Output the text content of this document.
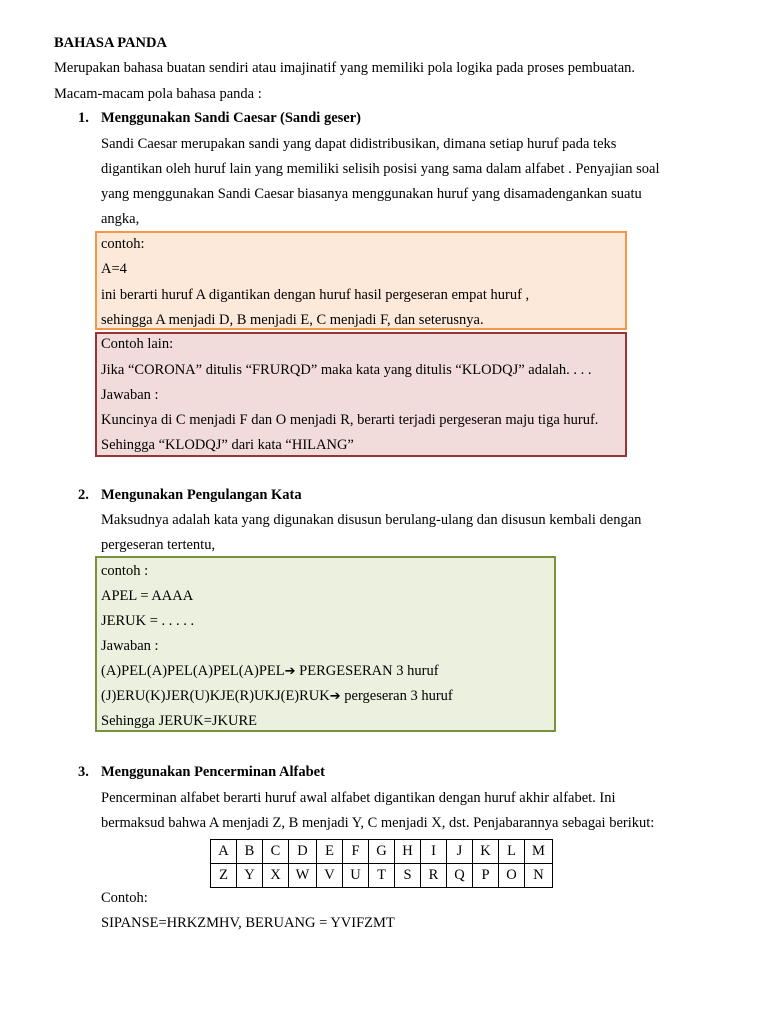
BAHASA PANDA
Merupakan bahasa buatan sendiri atau imajinatif yang memiliki pola logika pada proses pembuatan.
Macam-macam pola bahasa panda :
1. Menggunakan Sandi Caesar (Sandi geser)
Sandi Caesar merupakan sandi yang dapat didistribusikan, dimana setiap huruf pada teks
digantikan oleh huruf lain yang memiliki selisih posisi yang sama dalam alfabet . Penyajian soal
yang menggunakan Sandi Caesar biasanya menggunakan huruf yang disamadengankan suatu
angka,
contoh:
A=4
ini berarti huruf A digantikan dengan huruf hasil pergeseran empat huruf ,
sehingga A menjadi D, B menjadi E, C menjadi F, dan seterusnya.
Contoh lain:
Jika “CORONA” ditulis “FRURQD” maka kata yang ditulis “KLODQJ” adalah. . . .
Jawaban :
Kuncinya di C menjadi F dan O menjadi R, berarti terjadi pergeseran maju tiga huruf.
Sehingga “KLODQJ” dari kata “HILANG”
2. Mengunakan Pengulangan Kata
Maksudnya adalah kata yang digunakan disusun berulang-ulang dan disusun kembali dengan
pergeseran tertentu,
contoh :
APEL = AAAA
JERUK = . . . . .
Jawaban :
(A)PEL(A)PEL(A)PEL(A)PEL➔ PERGESERAN 3 huruf
(J)ERU(K)JER(U)KJE(R)UKJ(E)RUK➔ pergeseran 3 huruf
Sehingga JERUK=JKURE
3. Menggunakan Pencerminan Alfabet
Pencerminan alfabet berarti huruf awal alfabet digantikan dengan huruf akhir alfabet. Ini
bermaksud bahwa A menjadi Z, B menjadi Y, C menjadi X, dst. Penjabarannya sebagai berikut:
A	B	C	D	E	F	G	H	I	J	K	L	M
Z	Y	X	W	V	U	T	S	R	Q	P	O	N
Contoh:
SIPANSE=HRKZMHV, BERUANG = YVIFZMT
